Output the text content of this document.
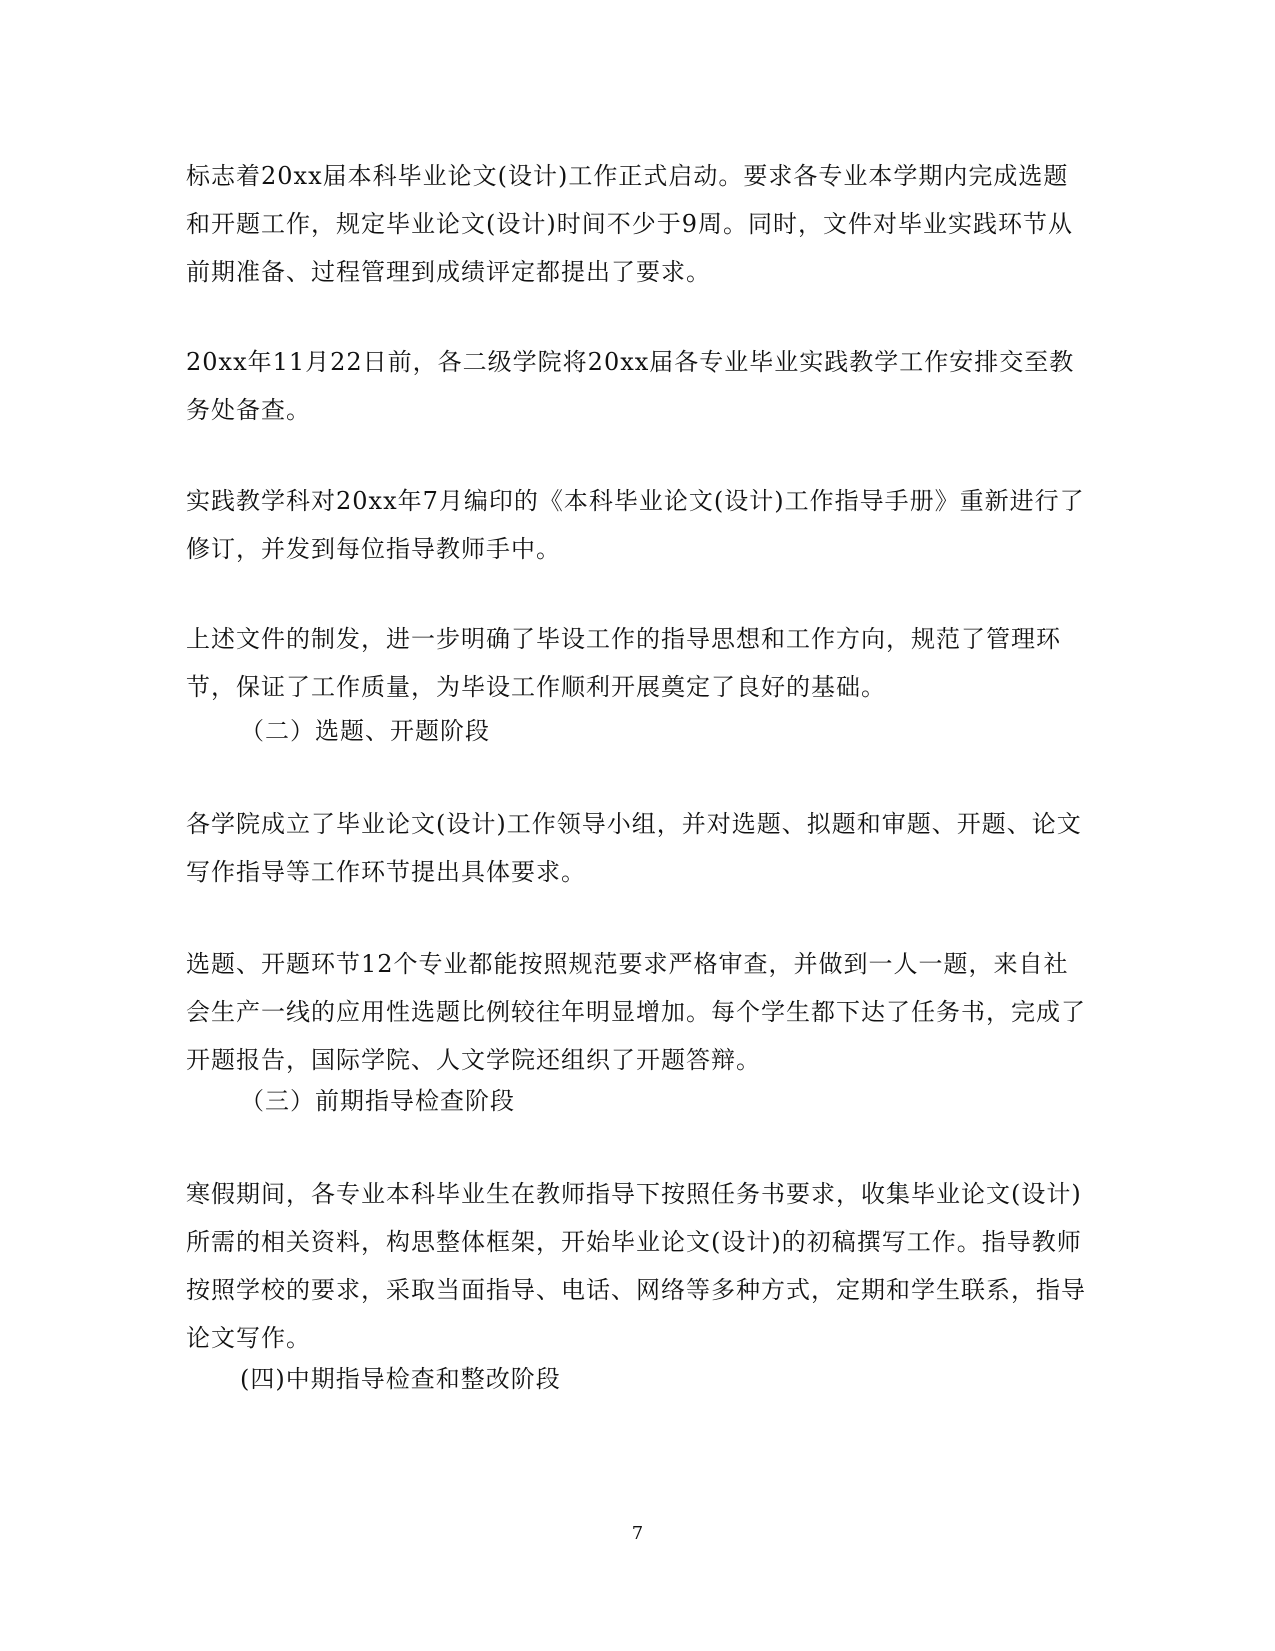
标志着20xx届本科毕业论文(设计)工作正式启动。要求各专业本学期内完成选题和开题工作，规定毕业论文(设计)时间不少于9周。同时，文件对毕业实践环节从前期准备、过程管理到成绩评定都提出了要求。

20xx年11月22日前，各二级学院将20xx届各专业毕业实践教学工作安排交至教务处备查。

实践教学科对20xx年7月编印的《本科毕业论文(设计)工作指导手册》重新进行了修订，并发到每位指导教师手中。

上述文件的制发，进一步明确了毕设工作的指导思想和工作方向，规范了管理环节，保证了工作质量，为毕设工作顺利开展奠定了良好的基础。

（二）选题、开题阶段

各学院成立了毕业论文(设计)工作领导小组，并对选题、拟题和审题、开题、论文写作指导等工作环节提出具体要求。

选题、开题环节12个专业都能按照规范要求严格审查，并做到一人一题，来自社会生产一线的应用性选题比例较往年明显增加。每个学生都下达了任务书，完成了开题报告，国际学院、人文学院还组织了开题答辩。

（三）前期指导检查阶段

寒假期间，各专业本科毕业生在教师指导下按照任务书要求，收集毕业论文(设计)所需的相关资料，构思整体框架，开始毕业论文(设计)的初稿撰写工作。指导教师按照学校的要求，采取当面指导、电话、网络等多种方式，定期和学生联系，指导论文写作。

(四)中期指导检查和整改阶段

7
